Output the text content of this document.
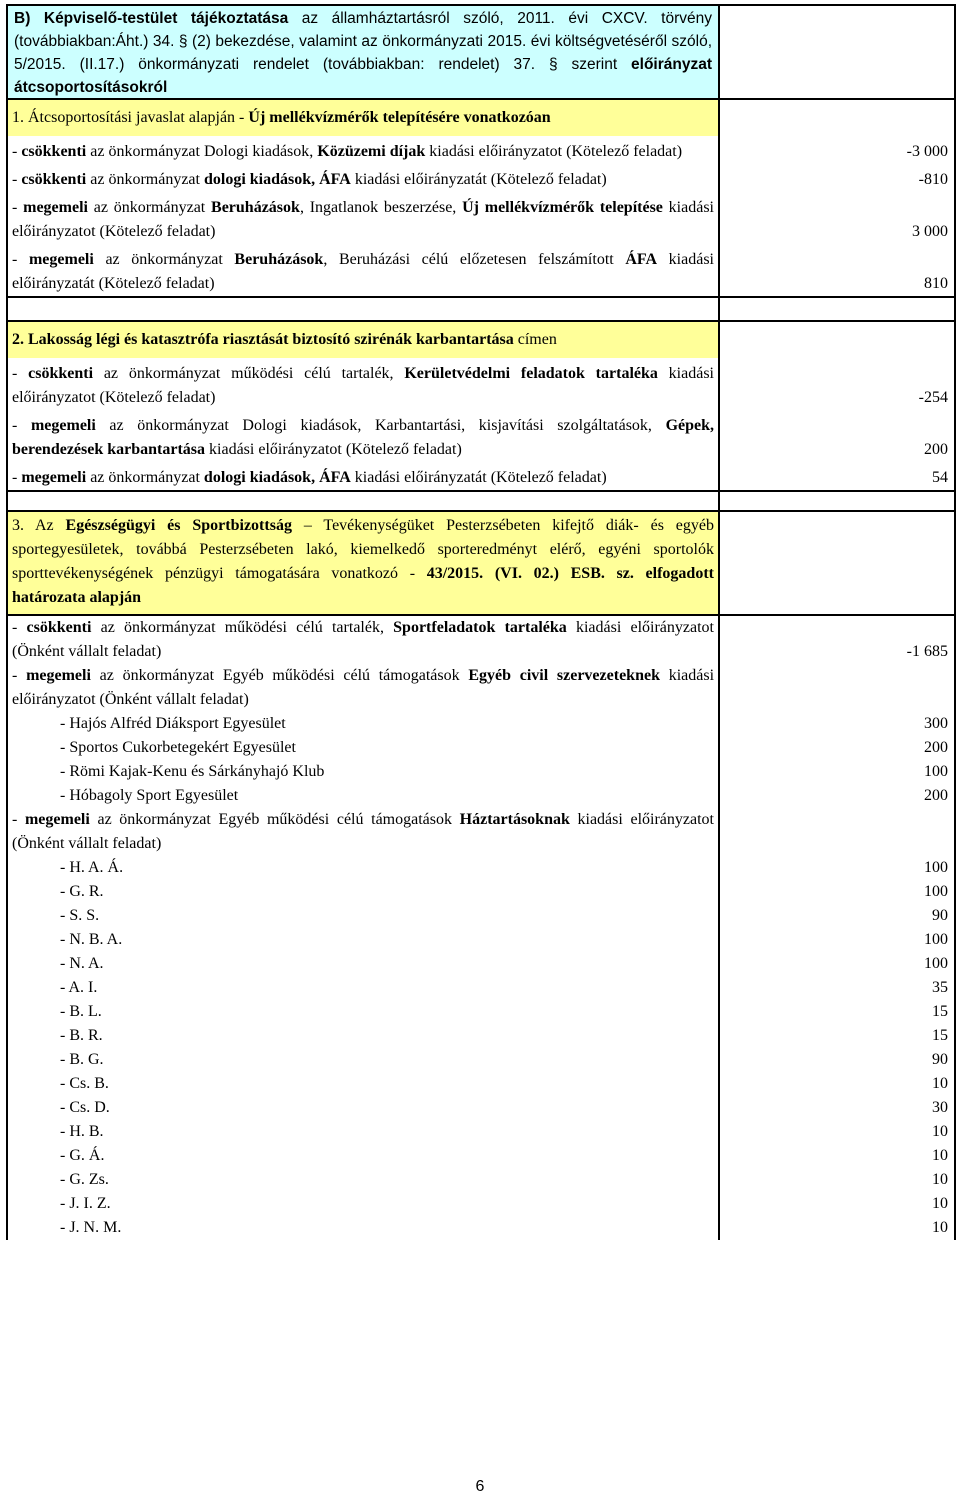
B) Képviselő-testület tájékoztatása az államháztartásról szóló, 2011. évi CXCV. törvény (továbbiakban:Áht.) 34. § (2) bekezdése, valamint az önkormányzati 2015. évi költségvetéséről szóló, 5/2015. (II.17.) önkormányzati rendelet (továbbiakban: rendelet) 37. § szerint előirányzat átcsoportosításokról
1. Átcsoportosítási javaslat alapján - Új mellékvízmérők telepítésére vonatkozóan
- csökkenti az önkormányzat Dologi kiadások, Közüzemi díjak kiadási előirányzatot (Kötelező feladat)	-3 000
- csökkenti az önkormányzat dologi kiadások, ÁFA kiadási előirányzatát (Kötelező feladat)	-810
- megemeli az önkormányzat Beruházások, Ingatlanok beszerzése, Új mellékvízmérők telepítése kiadási előirányzatot (Kötelező feladat)	3 000
- megemeli az önkormányzat Beruházások, Beruházási célú előzetesen felszámított ÁFA kiadási előirányzatát (Kötelező feladat)	810
2. Lakosság légi és katasztrófa riasztását biztosító szirénák karbantartása címen
- csökkenti az önkormányzat működési célú tartalék, Kerületvédelmi feladatok tartaléka kiadási előirányzatot (Kötelező feladat)	-254
- megemeli az önkormányzat Dologi kiadások, Karbantartási, kisjavítási szolgáltatások, Gépek, berendezések karbantartása kiadási előirányzatot (Kötelező feladat)	200
- megemeli az önkormányzat dologi kiadások, ÁFA kiadási előirányzatát (Kötelező feladat)	54
3. Az Egészségügyi és Sportbizottság – Tevékenységüket Pesterzsébeten kifejtő diák- és egyéb sportegyesületek, továbbá Pesterzsébeten lakó, kiemelkedő sporteredményt elérő, egyéni sportolók sporttevékenységének pénzügyi támogatására vonatkozó - 43/2015. (VI. 02.) ESB. sz. elfogadott határozata alapján
- csökkenti az önkormányzat működési célú tartalék, Sportfeladatok tartaléka kiadási előirányzatot (Önként vállalt feladat)	-1 685
- megemeli az önkormányzat Egyéb működési célú támogatások Egyéb civil szervezeteknek kiadási előirányzatot (Önként vállalt feladat)
- Hajós Alfréd Diáksport Egyesület	300
- Sportos Cukorbetegekért Egyesület	200
- Römi Kajak-Kenu és Sárkányhajó Klub	100
- Hóbagoly Sport Egyesület	200
- megemeli az önkormányzat Egyéb működési célú támogatások Háztartásoknak kiadási előirányzatot (Önként vállalt feladat)
- H. A. Á.	100
- G. R.	100
- S. S.	90
- N. B. A.	100
- N. A.	100
- A. I.	35
- B. L.	15
- B. R.	15
- B. G.	90
- Cs. B.	10
- Cs. D.	30
- H. B.	10
- G. Á.	10
- G. Zs.	10
- J. I. Z.	10
- J. N. M.	10
6
